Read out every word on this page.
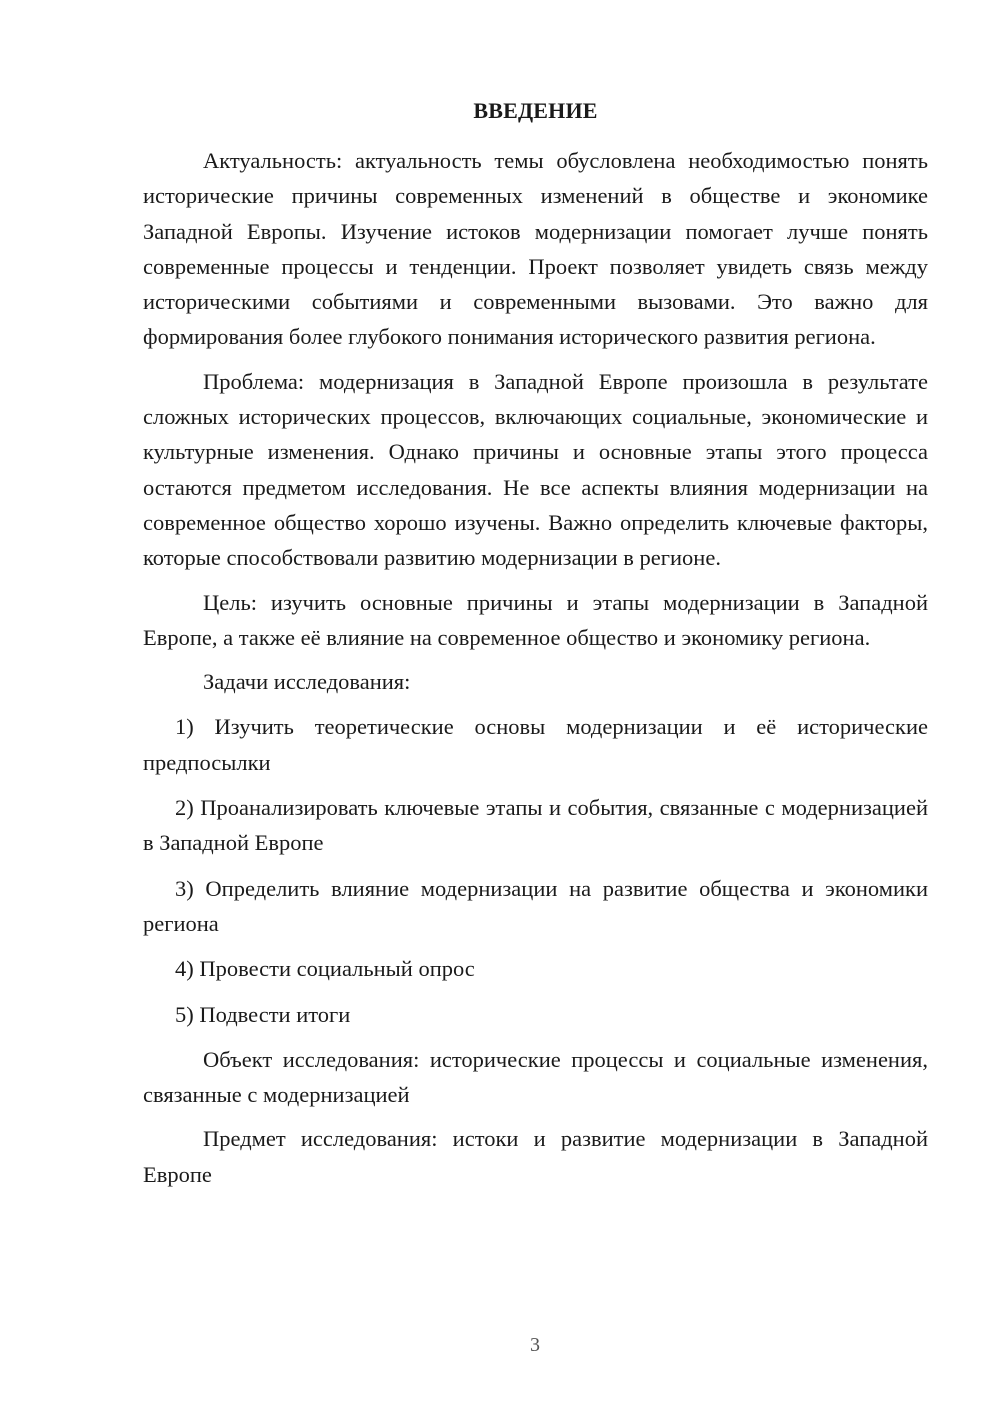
ВВЕДЕНИЕ

Актуальность: актуальность темы обусловлена необходимостью понять исторические причины современных изменений в обществе и экономике Западной Европы. Изучение истоков модернизации помогает лучше понять современные процессы и тенденции. Проект позволяет увидеть связь между историческими событиями и современными вызовами. Это важно для формирования более глубокого понимания исторического развития региона.

Проблема: модернизация в Западной Европе произошла в результате сложных исторических процессов, включающих социальные, экономические и культурные изменения. Однако причины и основные этапы этого процесса остаются предметом исследования. Не все аспекты влияния модернизации на современное общество хорошо изучены. Важно определить ключевые факторы, которые способствовали развитию модернизации в регионе.

Цель: изучить основные причины и этапы модернизации в Западной Европе, а также её влияние на современное общество и экономику региона.

Задачи исследования:

1) Изучить теоретические основы модернизации и её исторические предпосылки

2) Проанализировать ключевые этапы и события, связанные с модернизацией в Западной Европе

3) Определить влияние модернизации на развитие общества и экономики региона

4) Провести социальный опрос

5) Подвести итоги

Объект исследования: исторические процессы и социальные изменения, связанные с модернизацией

Предмет исследования: истоки и развитие модернизации в Западной Европе

3
